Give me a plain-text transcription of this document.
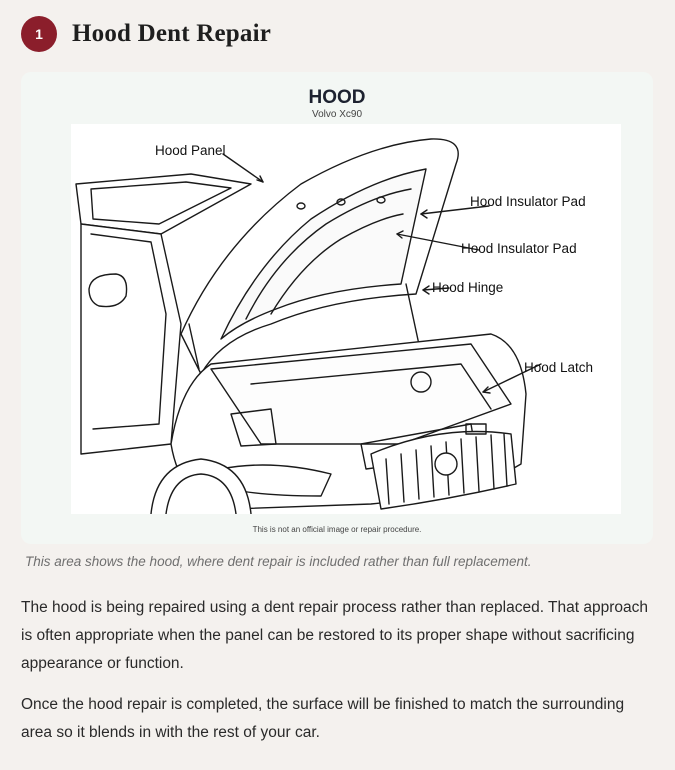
1	Hood Dent Repair
HOOD
Volvo Xc90
Hood Panel
Hood Insulator Pad
Hood Insulator Pad
Hood Hinge
Hood Latch
This is not an official image or repair procedure.

This area shows the hood, where dent repair is included rather than full replacement.

The hood is being repaired using a dent repair process rather than replaced. That approach is often appropriate when the panel can be restored to its proper shape without sacrificing appearance or function.

Once the hood repair is completed, the surface will be finished to match the surrounding area so it blends in with the rest of your car.
